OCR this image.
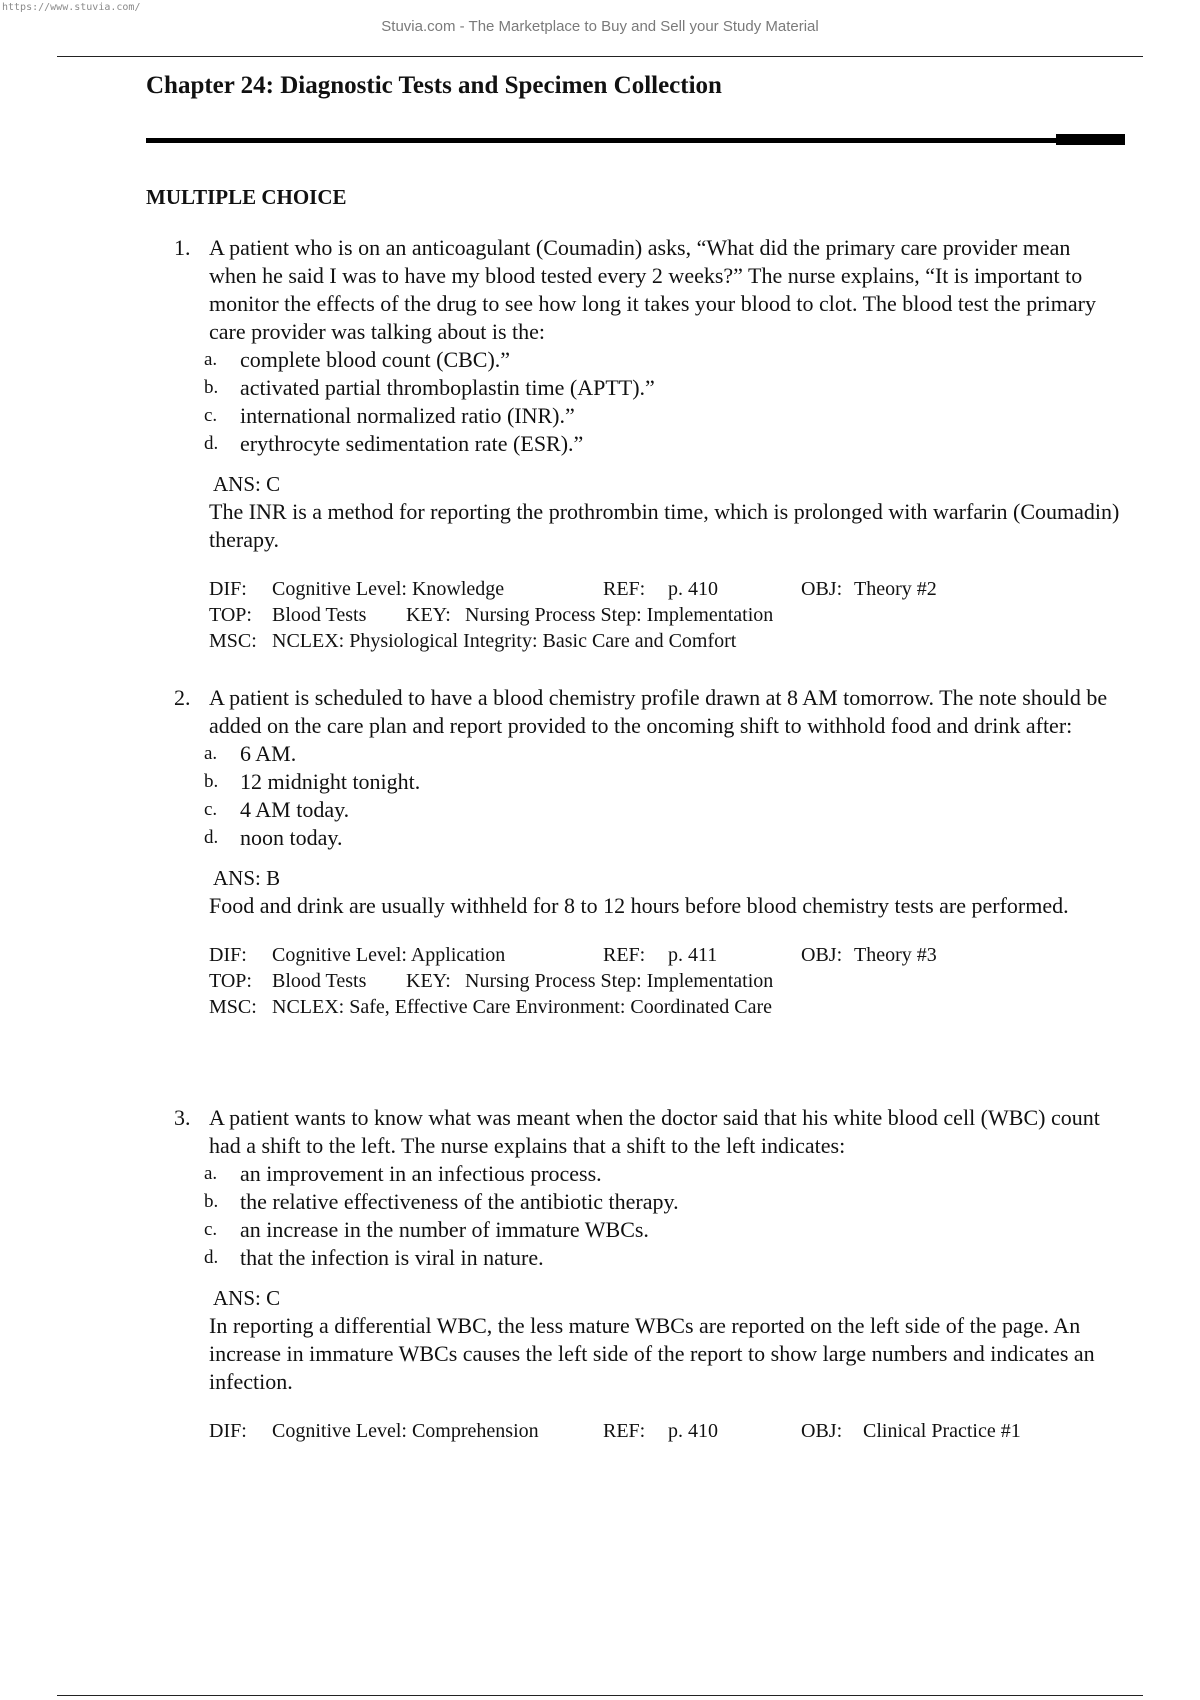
https://www.stuvia.com/
Stuvia.com - The Marketplace to Buy and Sell your Study Material
Chapter 24: Diagnostic Tests and Specimen Collection
MULTIPLE CHOICE
1. A patient who is on an anticoagulant (Coumadin) asks, “What did the primary care provider mean when he said I was to have my blood tested every 2 weeks?” The nurse explains, “It is important to monitor the effects of the drug to see how long it takes your blood to clot. The blood test the primary care provider was talking about is the:
a.	complete blood count (CBC).”
b. activated partial thromboplastin time (APTT).”
c.	international normalized ratio (INR).”
d. erythrocyte sedimentation rate (ESR).”
ANS: C
The INR is a method for reporting the prothrombin time, which is prolonged with warfarin (Coumadin) therapy.
DIF: Cognitive Level: Knowledge	REF: p. 410	OBJ: Theory #2
TOP: Blood Tests KEY: Nursing Process Step: Implementation
MSC: NCLEX: Physiological Integrity: Basic Care and Comfort
2. A patient is scheduled to have a blood chemistry profile drawn at 8 AM tomorrow. The note should be added on the care plan and report provided to the oncoming shift to withhold food and drink after:
a.	6 AM.
b. 12 midnight tonight.
c.	4 AM today.
d. noon today.
ANS: B
Food and drink are usually withheld for 8 to 12 hours before blood chemistry tests are performed.
DIF: Cognitive Level: Application	REF: p. 411	OBJ: Theory #3
TOP: Blood Tests KEY: Nursing Process Step: Implementation
MSC: NCLEX: Safe, Effective Care Environment: Coordinated Care
3. A patient wants to know what was meant when the doctor said that his white blood cell (WBC) count had a shift to the left. The nurse explains that a shift to the left indicates:
a.	an improvement in an infectious process.
b. the relative effectiveness of the antibiotic therapy.
c.	an increase in the number of immature WBCs.
d. that the infection is viral in nature.
ANS: C
In reporting a differential WBC, the less mature WBCs are reported on the left side of the page. An increase in immature WBCs causes the left side of the report to show large numbers and indicates an infection.
DIF: Cognitive Level: Comprehension	REF: p. 410	OBJ: Clinical Practice #1
